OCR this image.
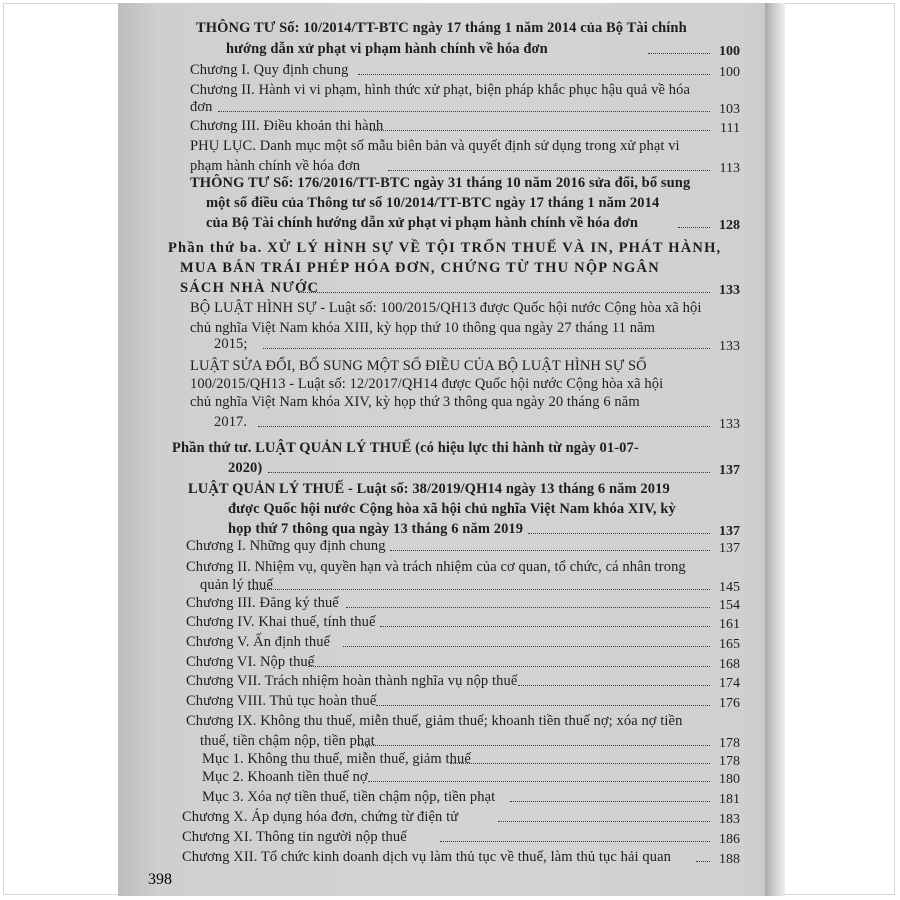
THÔNG TƯ Số: 10/2014/TT-BTC ngày 17 tháng 1 năm 2014 của Bộ Tài chính
hướng dẫn xử phạt vi phạm hành chính về hóa đơn	100
Chương I. Quy định chung	100
Chương II. Hành vi vi phạm, hình thức xử phạt, biện pháp khắc phục hậu quả về hóa
đơn	103
Chương III. Điều khoản thi hành	111
PHỤ LỤC. Danh mục một số mẫu biên bản và quyết định sử dụng trong xử phạt vi
phạm hành chính về hóa đơn	113
THÔNG TƯ Số: 176/2016/TT-BTC ngày 31 tháng 10 năm 2016 sửa đổi, bổ sung
một số điều của Thông tư số 10/2014/TT-BTC ngày 17 tháng 1 năm 2014
của Bộ Tài chính hướng dẫn xử phạt vi phạm hành chính về hóa đơn	128
Phần thứ ba. XỬ LÝ HÌNH SỰ VỀ TỘI TRỐN THUẾ VÀ IN, PHÁT HÀNH,
MUA BÁN TRÁI PHÉP HÓA ĐƠN, CHỨNG TỪ THU NỘP NGÂN
SÁCH NHÀ NƯỚC	133
BỘ LUẬT HÌNH SỰ - Luật số: 100/2015/QH13 được Quốc hội nước Cộng hòa xã hội
chủ nghĩa Việt Nam khóa XIII, kỳ họp thứ 10 thông qua ngày 27 tháng 11 năm
2015;	133
LUẬT SỬA ĐỔI, BỔ SUNG MỘT SỐ ĐIỀU CỦA BỘ LUẬT HÌNH SỰ SỐ
100/2015/QH13 - Luật số: 12/2017/QH14 được Quốc hội nước Cộng hòa xã hội
chủ nghĩa Việt Nam khóa XIV, kỳ họp thứ 3 thông qua ngày 20 tháng 6 năm
2017.	133
Phần thứ tư. LUẬT QUẢN LÝ THUẾ (có hiệu lực thi hành từ ngày 01-07-
2020)	137
LUẬT QUẢN LÝ THUẾ - Luật số: 38/2019/QH14 ngày 13 tháng 6 năm 2019
được Quốc hội nước Cộng hòa xã hội chủ nghĩa Việt Nam khóa XIV, kỳ
họp thứ 7 thông qua ngày 13 tháng 6 năm 2019	137
Chương I. Những quy định chung	137
Chương II. Nhiệm vụ, quyền hạn và trách nhiệm của cơ quan, tổ chức, cá nhân trong
quản lý thuế	145
Chương III. Đăng ký thuế	154
Chương IV. Khai thuế, tính thuế	161
Chương V. Ấn định thuế	165
Chương VI. Nộp thuế	168
Chương VII. Trách nhiệm hoàn thành nghĩa vụ nộp thuế	174
Chương VIII. Thủ tục hoàn thuế	176
Chương IX. Không thu thuế, miễn thuế, giảm thuế; khoanh tiền thuế nợ; xóa nợ tiền
thuế, tiền chậm nộp, tiền phạt	178
Mục 1. Không thu thuế, miễn thuế, giảm thuế	178
Mục 2. Khoanh tiền thuế nợ	180
Mục 3. Xóa nợ tiền thuế, tiền chậm nộp, tiền phạt	181
Chương X. Áp dụng hóa đơn, chứng từ điện tử	183
Chương XI. Thông tin người nộp thuế	186
Chương XII. Tổ chức kinh doanh dịch vụ làm thủ tục về thuế, làm thủ tục hải quan	188
398
